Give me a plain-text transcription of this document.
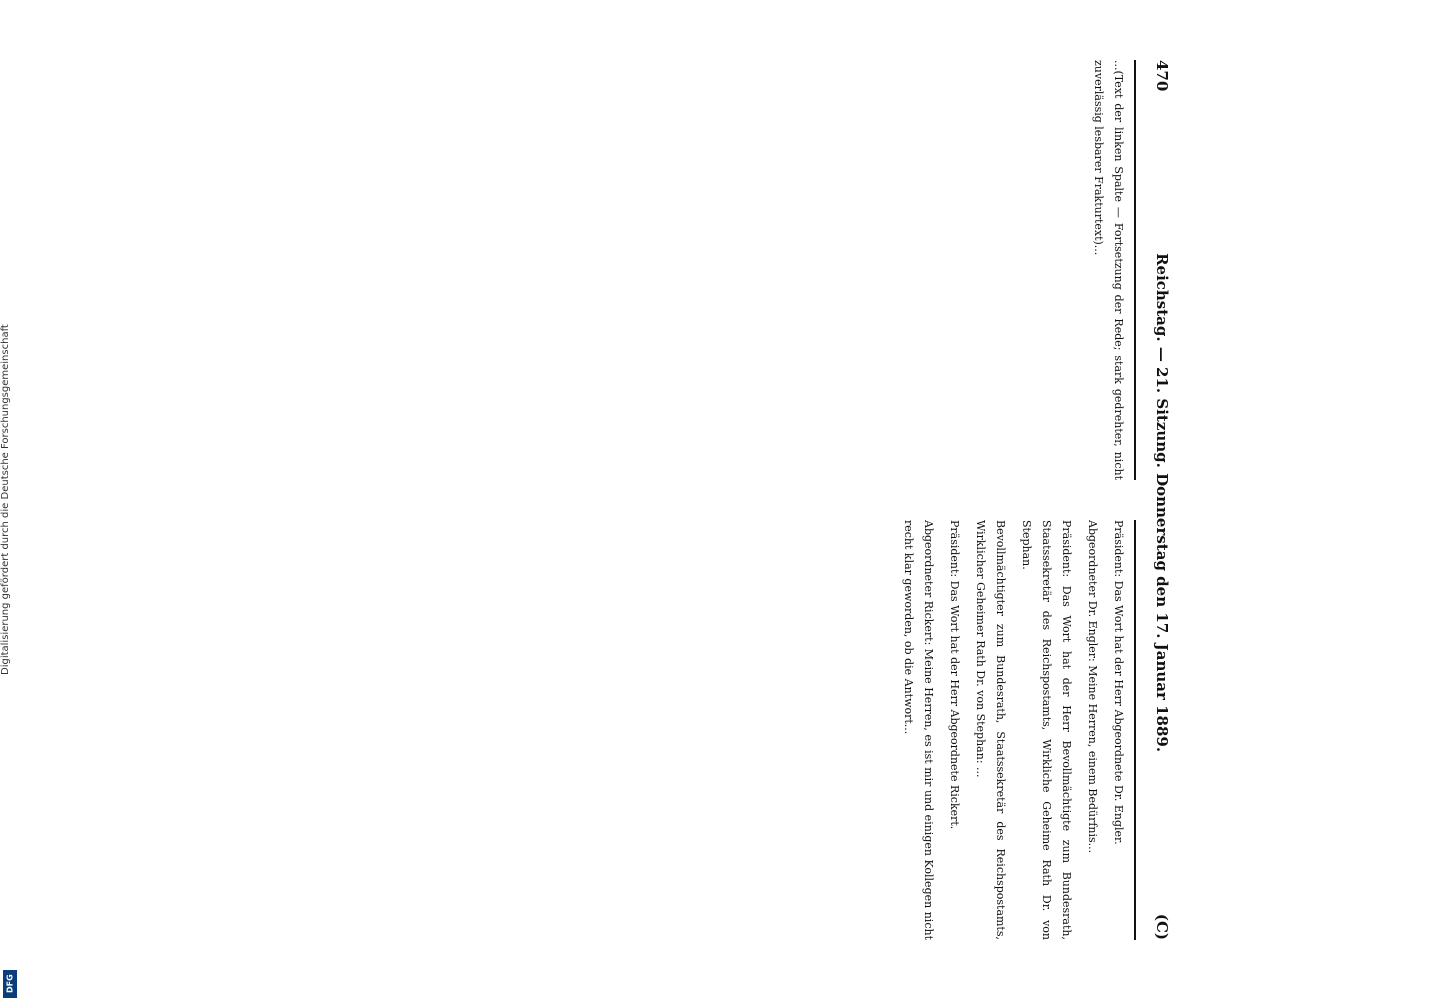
Digitalisierung gefördert durch die Deutsche Forschungsgemeinschaft
DFG
470
Reichstag. — 21. Sitzung. Donnerstag den 17. Januar 1889.
(C)

...(Text der linken Spalte — Fortsetzung der Rede; stark gedrehter, nicht zuverlässig lesbarer Frakturtext)...

Präsident: Das Wort hat der Herr Abgeordnete Dr. Engler.

Abgeordneter Dr. Engler: Meine Herren, einem Bedürfnis...

Präsident: Das Wort hat der Herr Bevollmächtigte zum Bundesrath, Staatssekretär des Reichspostamts, Wirkliche Geheime Rath Dr. von Stephan.

Bevollmächtigter zum Bundesrath, Staatssekretär des Reichspostamts, Wirklicher Geheimer Rath Dr. von Stephan: ...

Präsident: Das Wort hat der Herr Abgeordnete Rickert.

Abgeordneter Rickert: Meine Herren, es ist mir und einigen Kollegen nicht recht klar geworden, ob die Antwort...
